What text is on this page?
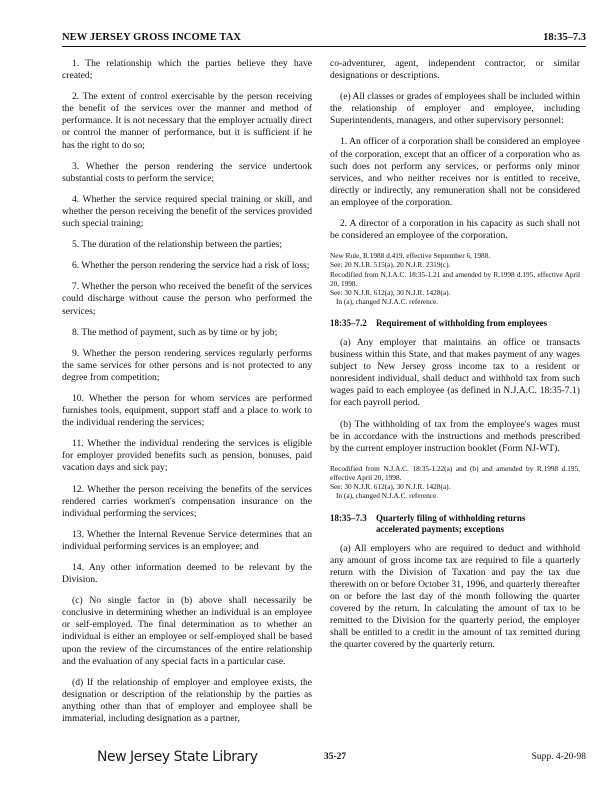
NEW JERSEY GROSS INCOME TAX	18:35–7.3

1. The relationship which the parties believe they have created;

2. The extent of control exercisable by the person receiving the benefit of the services over the manner and method of performance. It is not necessary that the employer actually direct or control the manner of performance, but it is sufficient if he has the right to do so;

3. Whether the person rendering the service undertook substantial costs to perform the service;

4. Whether the service required special training or skill, and whether the person receiving the benefit of the services provided such special training;

5. The duration of the relationship between the parties;

6. Whether the person rendering the service had a risk of loss;

7. Whether the person who received the benefit of the services could discharge without cause the person who performed the services;

8. The method of payment, such as by time or by job;

9. Whether the person rendering services regularly performs the same services for other persons and is not protected to any degree from competition;

10. Whether the person for whom services are performed furnishes tools, equipment, support staff and a place to work to the individual rendering the services;

11. Whether the individual rendering the services is eligible for employer provided benefits such as pension, bonuses, paid vacation days and sick pay;

12. Whether the person receiving the benefits of the services rendered carries workmen's compensation insurance on the individual performing the services;

13. Whether the Internal Revenue Service determines that an individual performing services is an employee; and

14. Any other information deemed to be relevant by the Division.

(c) No single factor in (b) above shall necessarily be conclusive in determining whether an individual is an employee or self-employed. The final determination as to whether an individual is either an employee or self-employed shall be based upon the review of the circumstances of the entire relationship and the evaluation of any special facts in a particular case.

(d) If the relationship of employer and employee exists, the designation or description of the relationship by the parties as anything other than that of employer and employee shall be immaterial, including designation as a partner,

co-adventurer, agent, independent contractor, or similar designations or descriptions.

(e) All classes or grades of employees shall be included within the relationship of employer and employee, including Superintendents, managers, and other supervisory personnel:

1. An officer of a corporation shall be considered an employee of the corporation, except that an officer of a corporation who as such does not perform any services, or performs only minor services, and who neither receives nor is entitled to receive, directly or indirectly, any remuneration shall not be considered an employee of the corporation.

2. A director of a corporation in his capacity as such shall not be considered an employee of the corporation.

New Rule, R.1988 d.419, effective September 6, 1988.
See: 20 N.J.R. 515(a), 20 N.J.R. 2319(c).
Recodified from N.J.A.C. 18:35-1.21 and amended by R.1998 d.195, effective April 20, 1998.
See: 30 N.J.R. 612(a), 30 N.J.R. 1428(a).
In (a), changed N.J.A.C. reference.
18:35–7.2 Requirement of withholding from employees

(a) Any employer that maintains an office or transacts business within this State, and that makes payment of any wages subject to New Jersey gross income tax to a resident or nonresident individual, shall deduct and withhold tax from such wages paid to each employee (as defined in N.J.A.C. 18:35-7.1) for each payroll period.

(b) The withholding of tax from the employee's wages must be in accordance with the instructions and methods prescribed by the current employer instruction booklet (Form NJ-WT).

Recodified from N.J.A.C. 18:35-1.22(a) and (b) and amended by R.1998 d.195, effective April 20, 1998.
See: 30 N.J.R. 612(a), 30 N.J.R. 1428(a).
In (a), changed N.J.A.C. reference.
18:35–7.3 Quarterly filing of withholding returns
accelerated payments; exceptions

(a) All employers who are required to deduct and withhold any amount of gross income tax are required to file a quarterly return with the Division of Taxation and pay the tax due therewith on or before October 31, 1996, and quarterly thereafter on or before the last day of the month following the quarter covered by the return. In calculating the amount of tax to be remitted to the Division for the quarterly period, the employer shall be entitled to a credit in the amount of tax remitted during the quarter covered by the quarterly return.

New Jersey State Library	35-27	Supp. 4-20-98
